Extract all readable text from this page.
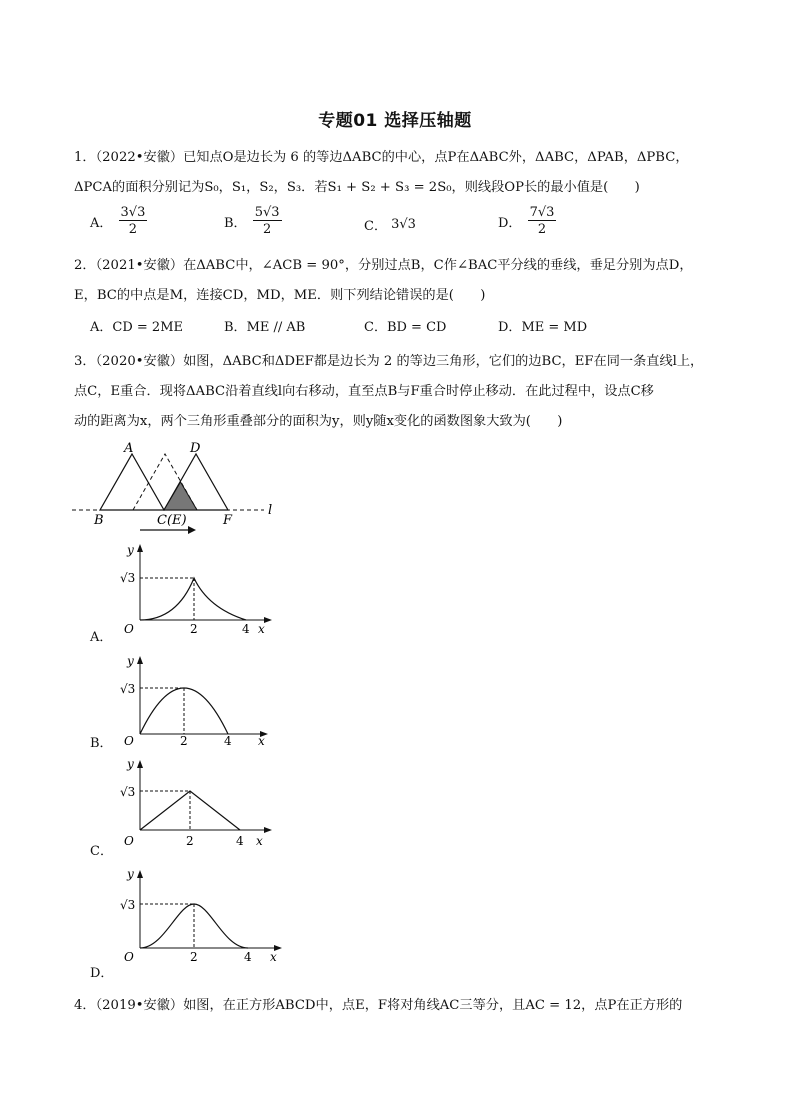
专题01 选择压轴题
1．（2022•安徽）已知点O是边长为 6 的等边ΔABC的中心，点P在ΔABC外，ΔABC，ΔPAB，ΔPBC，
ΔPCA的面积分别记为S₀，S₁，S₂，S₃．若S₁ + S₂ + S₃ = 2S₀，则线段OP长的最小值是(　　)
A． $\frac{3√3}{2}$	B． $\frac{5√3}{2}$	C． 3√3	D． $\frac{7√3}{2}$
2．（2021•安徽）在ΔABC中，∠ACB = 90°，分别过点B，C作∠BAC平分线的垂线，垂足分别为点D，
E，BC的中点是M，连接CD，MD，ME．则下列结论错误的是(　　)
A．CD = 2ME	B．ME // AB	C．BD = CD	D．ME = MD
3．（2020•安徽）如图，ΔABC和ΔDEF都是边长为 2 的等边三角形，它们的边BC，EF在同一条直线l上，
点C，E重合．现将ΔABC沿着直线l向右移动，直至点B与F重合时停止移动．在此过程中，设点C移
动的距离为x，两个三角形重叠部分的面积为y，则y随x变化的函数图象大致为(　　)
A	D
B	C(E)	F
l
A．
y
√3
O	2	4 x
B．
y
√3
O	2	4 x
C．
y
√3
O	2	4 x
D．
y
√3
O	2	4 x
4．（2019•安徽）如图，在正方形ABCD中，点E，F将对角线AC三等分，且AC = 12，点P在正方形的
